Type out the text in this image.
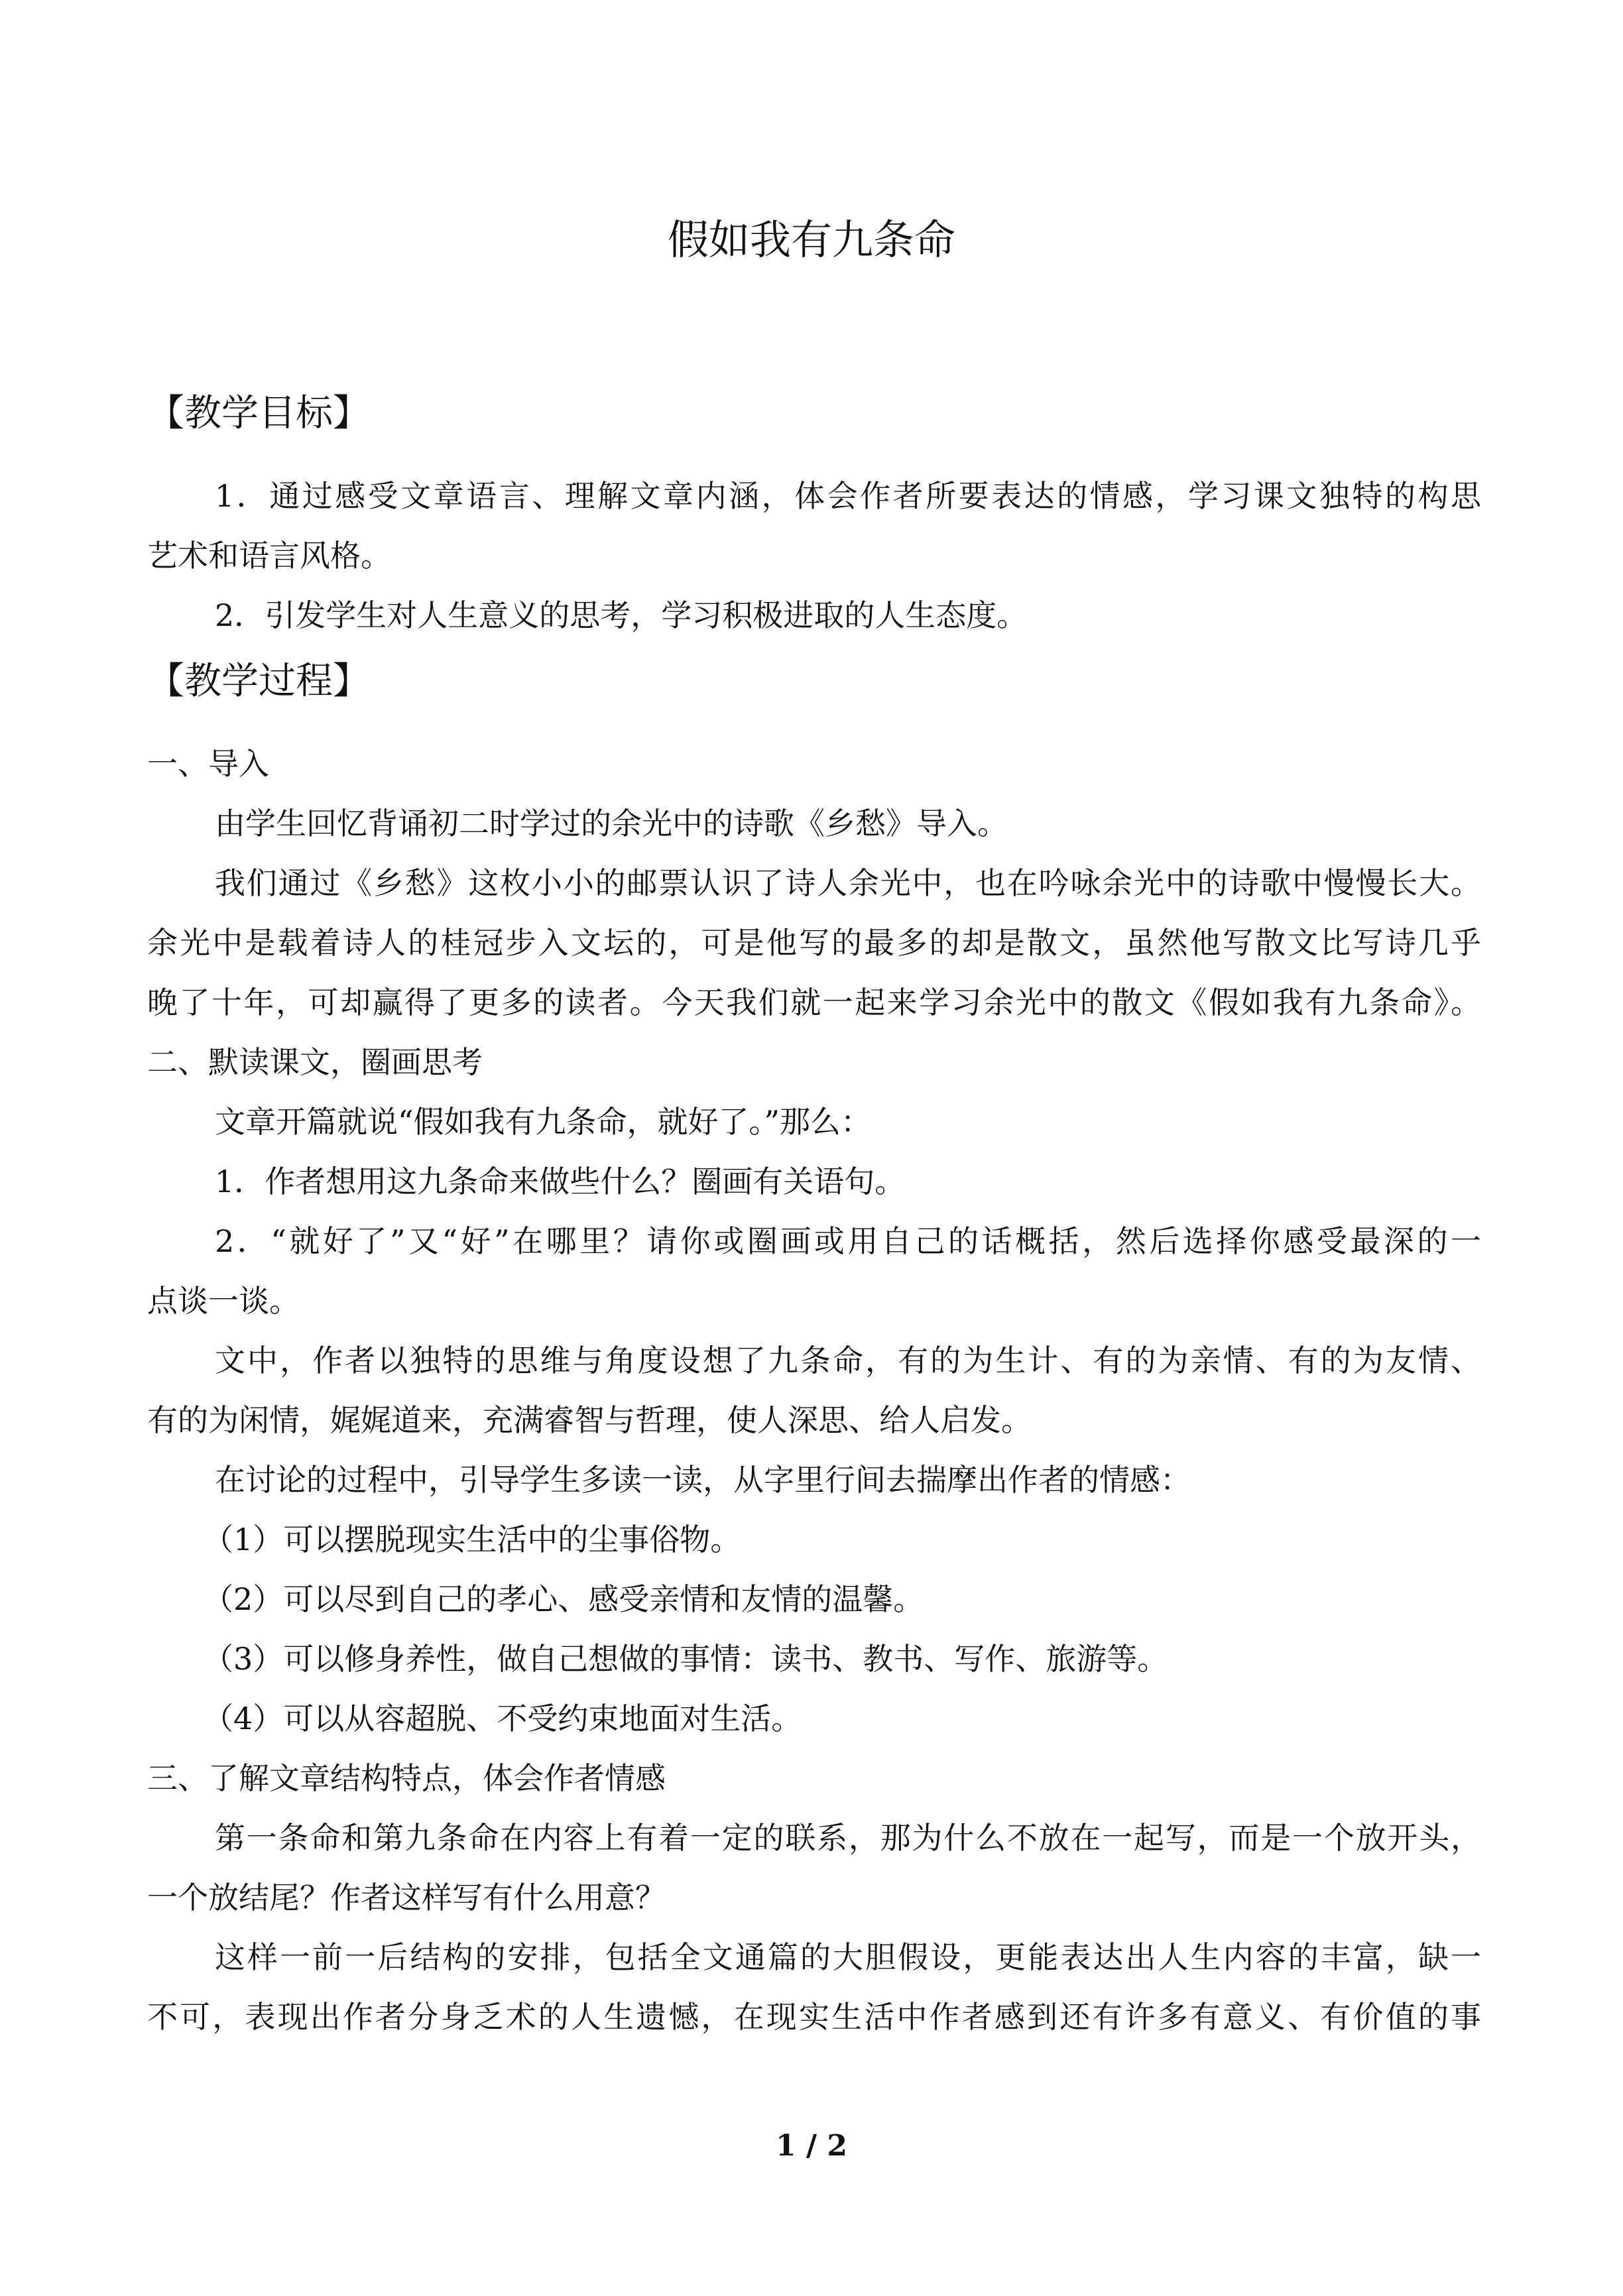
假如我有九条命
【教学目标】
1．通过感受文章语言、理解文章内涵，体会作者所要表达的情感，学习课文独特的构思
艺术和语言风格。
2．引发学生对人生意义的思考，学习积极进取的人生态度。
【教学过程】
一、导入
由学生回忆背诵初二时学过的余光中的诗歌《乡愁》导入。
我们通过《乡愁》这枚小小的邮票认识了诗人余光中，也在吟咏余光中的诗歌中慢慢长大。
余光中是载着诗人的桂冠步入文坛的，可是他写的最多的却是散文，虽然他写散文比写诗几乎
晚了十年，可却赢得了更多的读者。今天我们就一起来学习余光中的散文《假如我有九条命》。
二、默读课文，圈画思考
文章开篇就说“假如我有九条命，就好了。”那么：
1．作者想用这九条命来做些什么？圈画有关语句。
2．“就好了”又“好”在哪里？请你或圈画或用自己的话概括，然后选择你感受最深的一
点谈一谈。
文中，作者以独特的思维与角度设想了九条命，有的为生计、有的为亲情、有的为友情、
有的为闲情，娓娓道来，充满睿智与哲理，使人深思、给人启发。
在讨论的过程中，引导学生多读一读，从字里行间去揣摩出作者的情感：
（1）可以摆脱现实生活中的尘事俗物。
（2）可以尽到自己的孝心、感受亲情和友情的温馨。
（3）可以修身养性，做自己想做的事情：读书、教书、写作、旅游等。
（4）可以从容超脱、不受约束地面对生活。
三、了解文章结构特点，体会作者情感
第一条命和第九条命在内容上有着一定的联系，那为什么不放在一起写，而是一个放开头，
一个放结尾？作者这样写有什么用意？
这样一前一后结构的安排，包括全文通篇的大胆假设，更能表达出人生内容的丰富，缺一
不可，表现出作者分身乏术的人生遗憾，在现实生活中作者感到还有许多有意义、有价值的事
1 / 2
